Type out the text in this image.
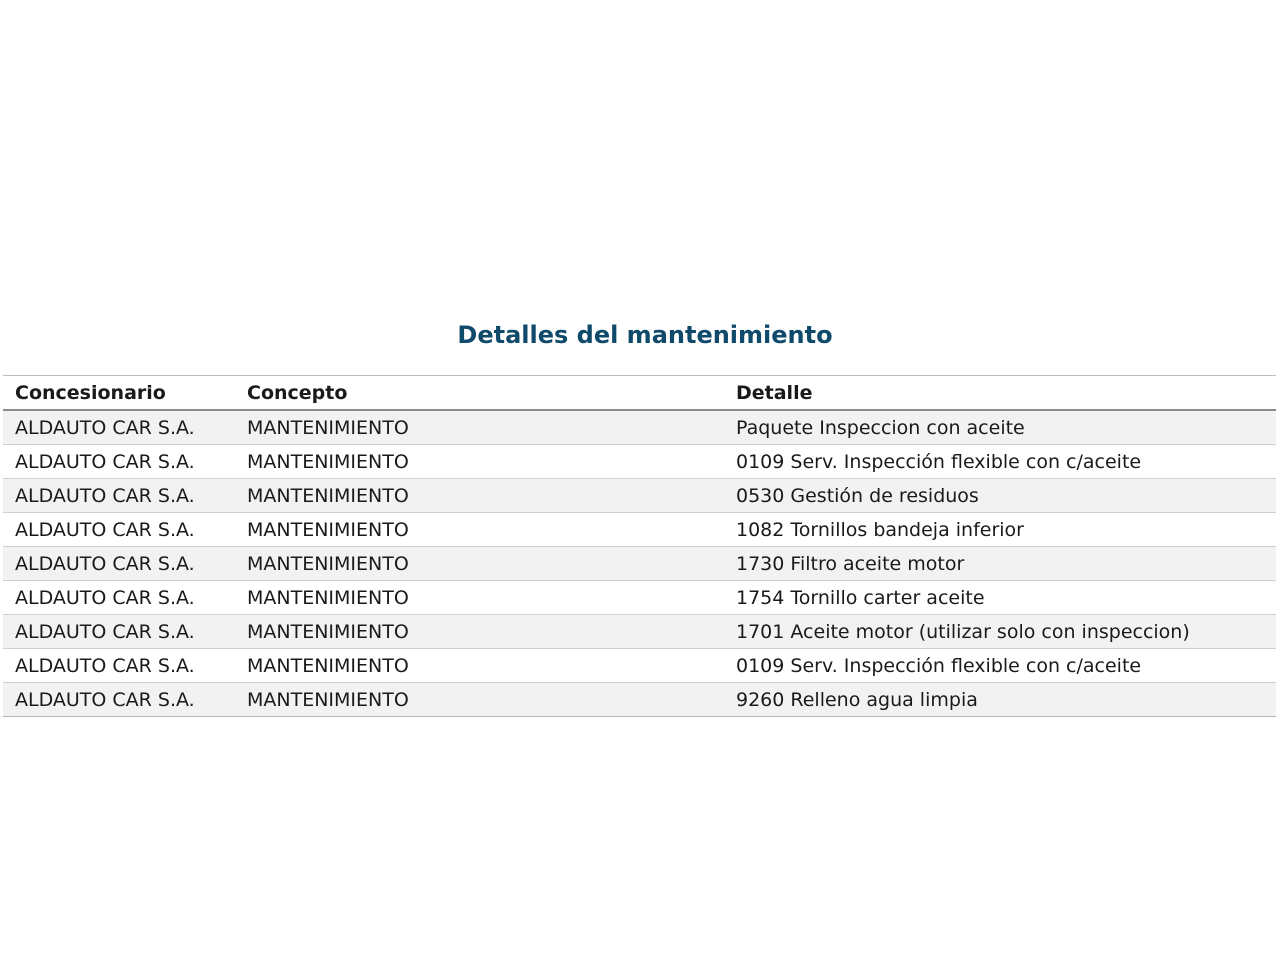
Detalles del mantenimiento
Concesionario	Concepto	Detalle
ALDAUTO CAR S.A.	MANTENIMIENTO	Paquete Inspeccion con aceite
ALDAUTO CAR S.A.	MANTENIMIENTO	0109 Serv. Inspección flexible con c/aceite
ALDAUTO CAR S.A.	MANTENIMIENTO	0530 Gestión de residuos
ALDAUTO CAR S.A.	MANTENIMIENTO	1082 Tornillos bandeja inferior
ALDAUTO CAR S.A.	MANTENIMIENTO	1730 Filtro aceite motor
ALDAUTO CAR S.A.	MANTENIMIENTO	1754 Tornillo carter aceite
ALDAUTO CAR S.A.	MANTENIMIENTO	1701 Aceite motor (utilizar solo con inspeccion)
ALDAUTO CAR S.A.	MANTENIMIENTO	0109 Serv. Inspección flexible con c/aceite
ALDAUTO CAR S.A.	MANTENIMIENTO	9260 Relleno agua limpia
